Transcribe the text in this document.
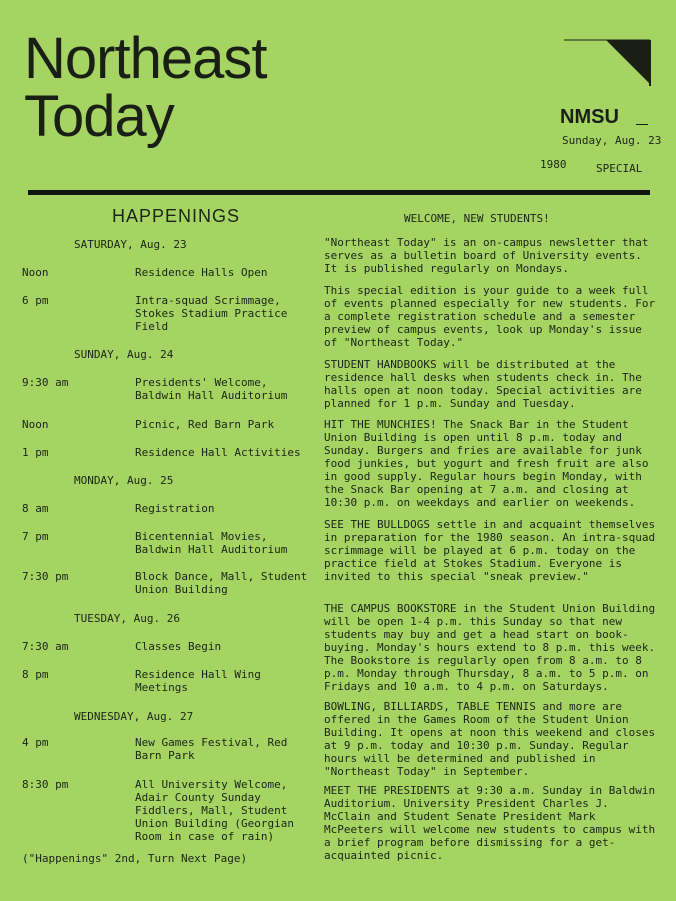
Northeast
Today	NMSU
Sunday, Aug. 23
1980	SPECIAL
HAPPENINGS
SATURDAY, Aug. 23
Noon	Residence Halls Open
6 pm	Intra-squad Scrimmage, Stokes Stadium Practice Field
SUNDAY, Aug. 24
9:30 am	Presidents' Welcome, Baldwin Hall Auditorium
Noon	Picnic, Red Barn Park
1 pm	Residence Hall Activities
MONDAY, Aug. 25
8 am	Registration
7 pm	Bicentennial Movies, Baldwin Hall Auditorium
7:30 pm	Block Dance, Mall, Student Union Building
TUESDAY, Aug. 26
7:30 am	Classes Begin
8 pm	Residence Hall Wing Meetings
WEDNESDAY, Aug. 27
4 pm	New Games Festival, Red Barn Park
8:30 pm	All University Welcome, Adair County Sunday Fiddlers, Mall, Student Union Building (Georgian Room in case of rain)
("Happenings" 2nd, Turn Next Page)
WELCOME, NEW STUDENTS!
"Northeast Today" is an on-campus newsletter that serves as a bulletin board of University events. It is published regularly on Mondays.
This special edition is your guide to a week full of events planned especially for new students. For a complete registration schedule and a semester preview of campus events, look up Monday's issue of "Northeast Today."
STUDENT HANDBOOKS will be distributed at the residence hall desks when students check in. The halls open at noon today. Special activities are planned for 1 p.m. Sunday and Tuesday.
HIT THE MUNCHIES! The Snack Bar in the Student Union Building is open until 8 p.m. today and Sunday. Burgers and fries are available for junk food junkies, but yogurt and fresh fruit are also in good supply. Regular hours begin Monday, with the Snack Bar opening at 7 a.m. and closing at 10:30 p.m. on weekdays and earlier on weekends.
SEE THE BULLDOGS settle in and acquaint themselves in preparation for the 1980 season. An intra-squad scrimmage will be played at 6 p.m. today on the practice field at Stokes Stadium. Everyone is invited to this special "sneak preview."
THE CAMPUS BOOKSTORE in the Student Union Building will be open 1-4 p.m. this Sunday so that new students may buy and get a head start on book-buying. Monday's hours extend to 8 p.m. this week. The Bookstore is regularly open from 8 a.m. to 8 p.m. Monday through Thursday, 8 a.m. to 5 p.m. on Fridays and 10 a.m. to 4 p.m. on Saturdays.
BOWLING, BILLIARDS, TABLE TENNIS and more are offered in the Games Room of the Student Union Building. It opens at noon this weekend and closes at 9 p.m. today and 10:30 p.m. Sunday. Regular hours will be determined and published in "Northeast Today" in September.
MEET THE PRESIDENTS at 9:30 a.m. Sunday in Baldwin Auditorium. University President Charles J. McClain and Student Senate President Mark McPeeters will welcome new students to campus with a brief program before dismissing for a get-acquainted picnic.
